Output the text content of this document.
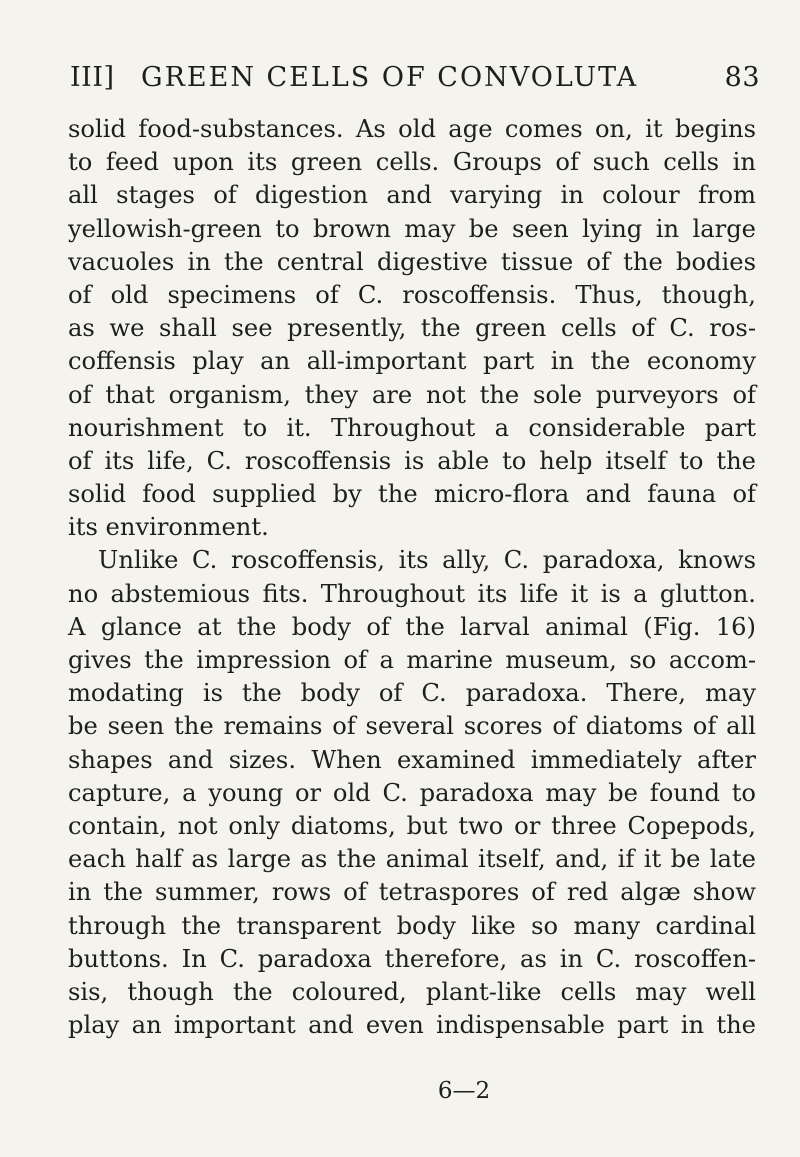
III] GREEN CELLS OF CONVOLUTA	83
solid food-substances. As old age comes on, it begins
to feed upon its green cells. Groups of such cells in
all stages of digestion and varying in colour from
yellowish-green to brown may be seen lying in large
vacuoles in the central digestive tissue of the bodies
of old specimens of C. roscoffensis. Thus, though,
as we shall see presently, the green cells of C. ros-
coffensis play an all-important part in the economy
of that organism, they are not the sole purveyors of
nourishment to it. Throughout a considerable part
of its life, C. roscoffensis is able to help itself to the
solid food supplied by the micro-flora and fauna of
its environment.
Unlike C. roscoffensis, its ally, C. paradoxa, knows
no abstemious fits. Throughout its life it is a glutton.
A glance at the body of the larval animal (Fig. 16)
gives the impression of a marine museum, so accom-
modating is the body of C. paradoxa. There, may
be seen the remains of several scores of diatoms of all
shapes and sizes. When examined immediately after
capture, a young or old C. paradoxa may be found to
contain, not only diatoms, but two or three Copepods,
each half as large as the animal itself, and, if it be late
in the summer, rows of tetraspores of red algæ show
through the transparent body like so many cardinal
buttons. In C. paradoxa therefore, as in C. roscoffen-
sis, though the coloured, plant-like cells may well
play an important and even indispensable part in the
6—2
